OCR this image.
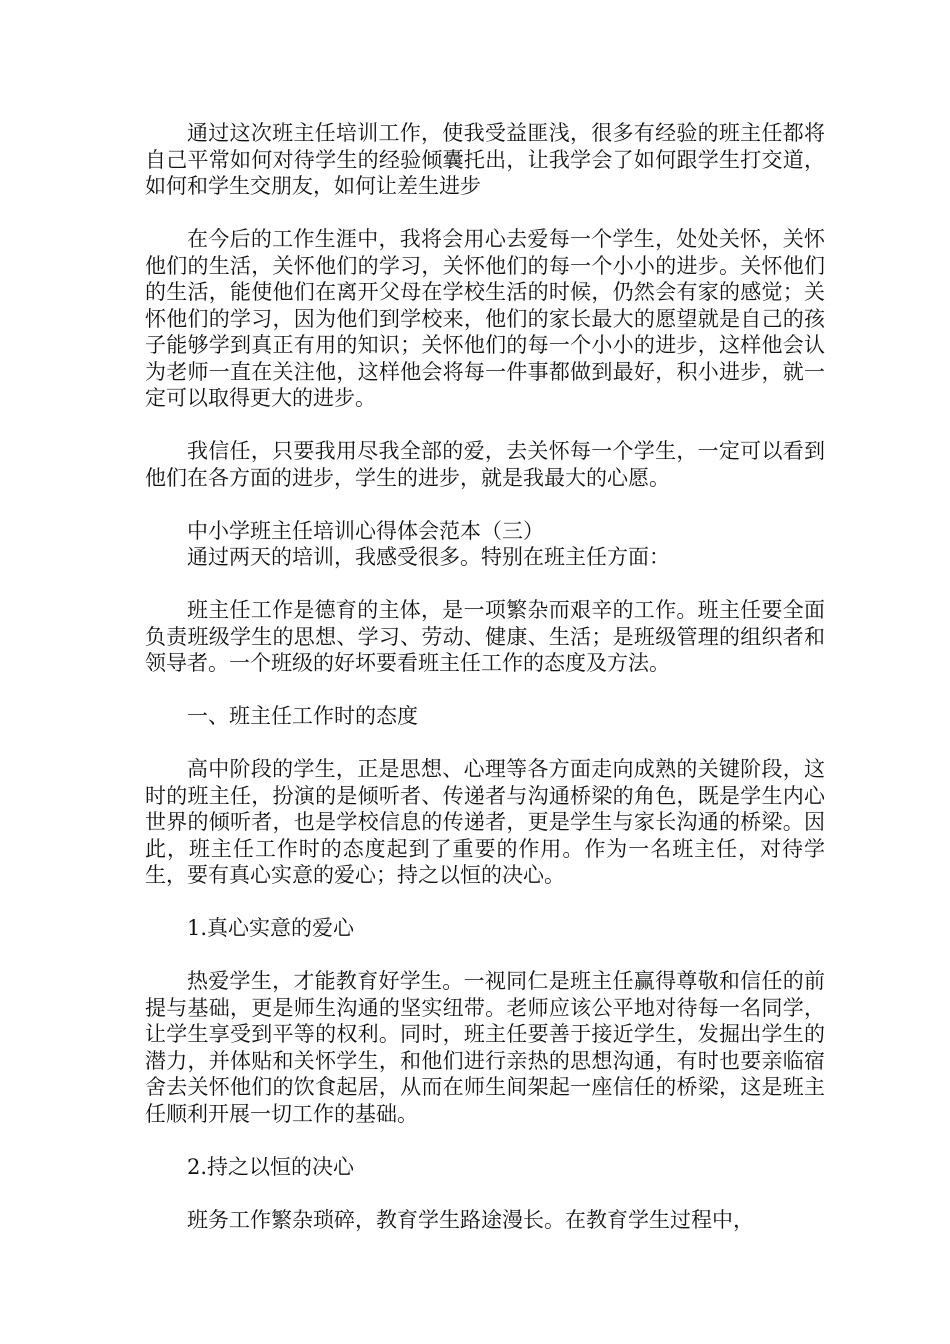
通过这次班主任培训工作，使我受益匪浅，很多有经验的班主任都将自己平常如何对待学生的经验倾囊托出，让我学会了如何跟学生打交道，如何和学生交朋友，如何让差生进步

在今后的工作生涯中，我将会用心去爱每一个学生，处处关怀，关怀他们的生活，关怀他们的学习，关怀他们的每一个小小的进步。关怀他们的生活，能使他们在离开父母在学校生活的时候，仍然会有家的感觉；关怀他们的学习，因为他们到学校来，他们的家长最大的愿望就是自己的孩子能够学到真正有用的知识；关怀他们的每一个小小的进步，这样他会认为老师一直在关注他，这样他会将每一件事都做到最好，积小进步，就一定可以取得更大的进步。

我信任，只要我用尽我全部的爱，去关怀每一个学生，一定可以看到他们在各方面的进步，学生的进步，就是我最大的心愿。

中小学班主任培训心得体会范本（三）

通过两天的培训，我感受很多。特别在班主任方面：

班主任工作是德育的主体，是一项繁杂而艰辛的工作。班主任要全面负责班级学生的思想、学习、劳动、健康、生活；是班级管理的组织者和领导者。一个班级的好坏要看班主任工作的态度及方法。

一、班主任工作时的态度

高中阶段的学生，正是思想、心理等各方面走向成熟的关键阶段，这时的班主任，扮演的是倾听者、传递者与沟通桥梁的角色，既是学生内心世界的倾听者，也是学校信息的传递者，更是学生与家长沟通的桥梁。因此，班主任工作时的态度起到了重要的作用。作为一名班主任，对待学生，要有真心实意的爱心；持之以恒的决心。

1.真心实意的爱心

热爱学生，才能教育好学生。一视同仁是班主任赢得尊敬和信任的前提与基础，更是师生沟通的坚实纽带。老师应该公平地对待每一名同学，让学生享受到平等的权利。同时，班主任要善于接近学生，发掘出学生的潜力，并体贴和关怀学生，和他们进行亲热的思想沟通，有时也要亲临宿舍去关怀他们的饮食起居，从而在师生间架起一座信任的桥梁，这是班主任顺利开展一切工作的基础。

2.持之以恒的决心

班务工作繁杂琐碎，教育学生路途漫长。在教育学生过程中，
